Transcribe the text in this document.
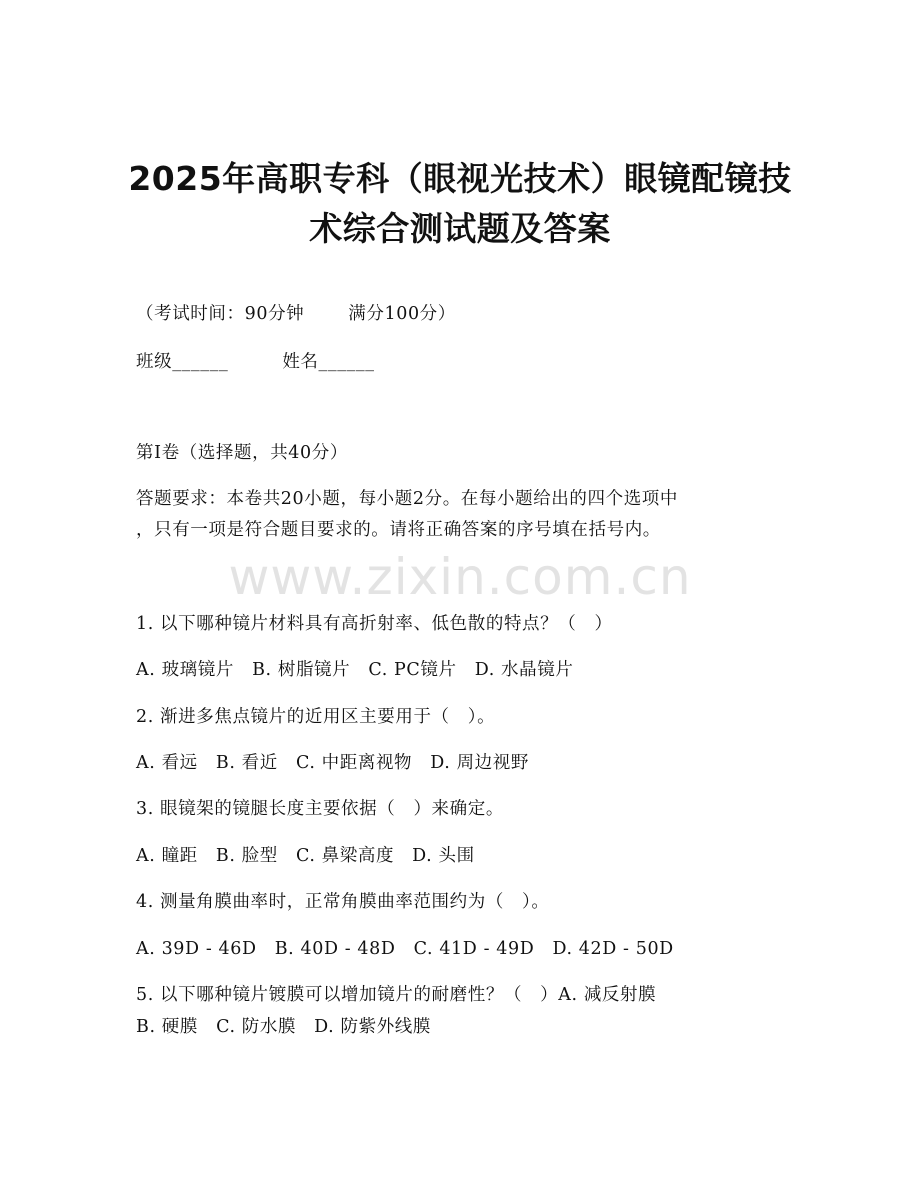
2025年高职专科（眼视光技术）眼镜配镜技
术综合测试题及答案
（考试时间：90分钟	满分100分）
班级______	姓名______
第I卷（选择题，共40分）
答题要求：本卷共20小题，每小题2分。在每小题给出的四个选项中
，只有一项是符合题目要求的。请将正确答案的序号填在括号内。
www.zixin.com.cn
1. 以下哪种镜片材料具有高折射率、低色散的特点？（　）
A. 玻璃镜片　B. 树脂镜片　C. PC镜片　D. 水晶镜片
2. 渐进多焦点镜片的近用区主要用于（　）。
A. 看远　B. 看近　C. 中距离视物　D. 周边视野
3. 眼镜架的镜腿长度主要依据（　）来确定。
A. 瞳距　B. 脸型　C. 鼻梁高度　D. 头围
4. 测量角膜曲率时，正常角膜曲率范围约为（　）。
A. 39D - 46D　B. 40D - 48D　C. 41D - 49D　D. 42D - 50D
5. 以下哪种镜片镀膜可以增加镜片的耐磨性？（　）A. 减反射膜
B. 硬膜　C. 防水膜　D. 防紫外线膜
